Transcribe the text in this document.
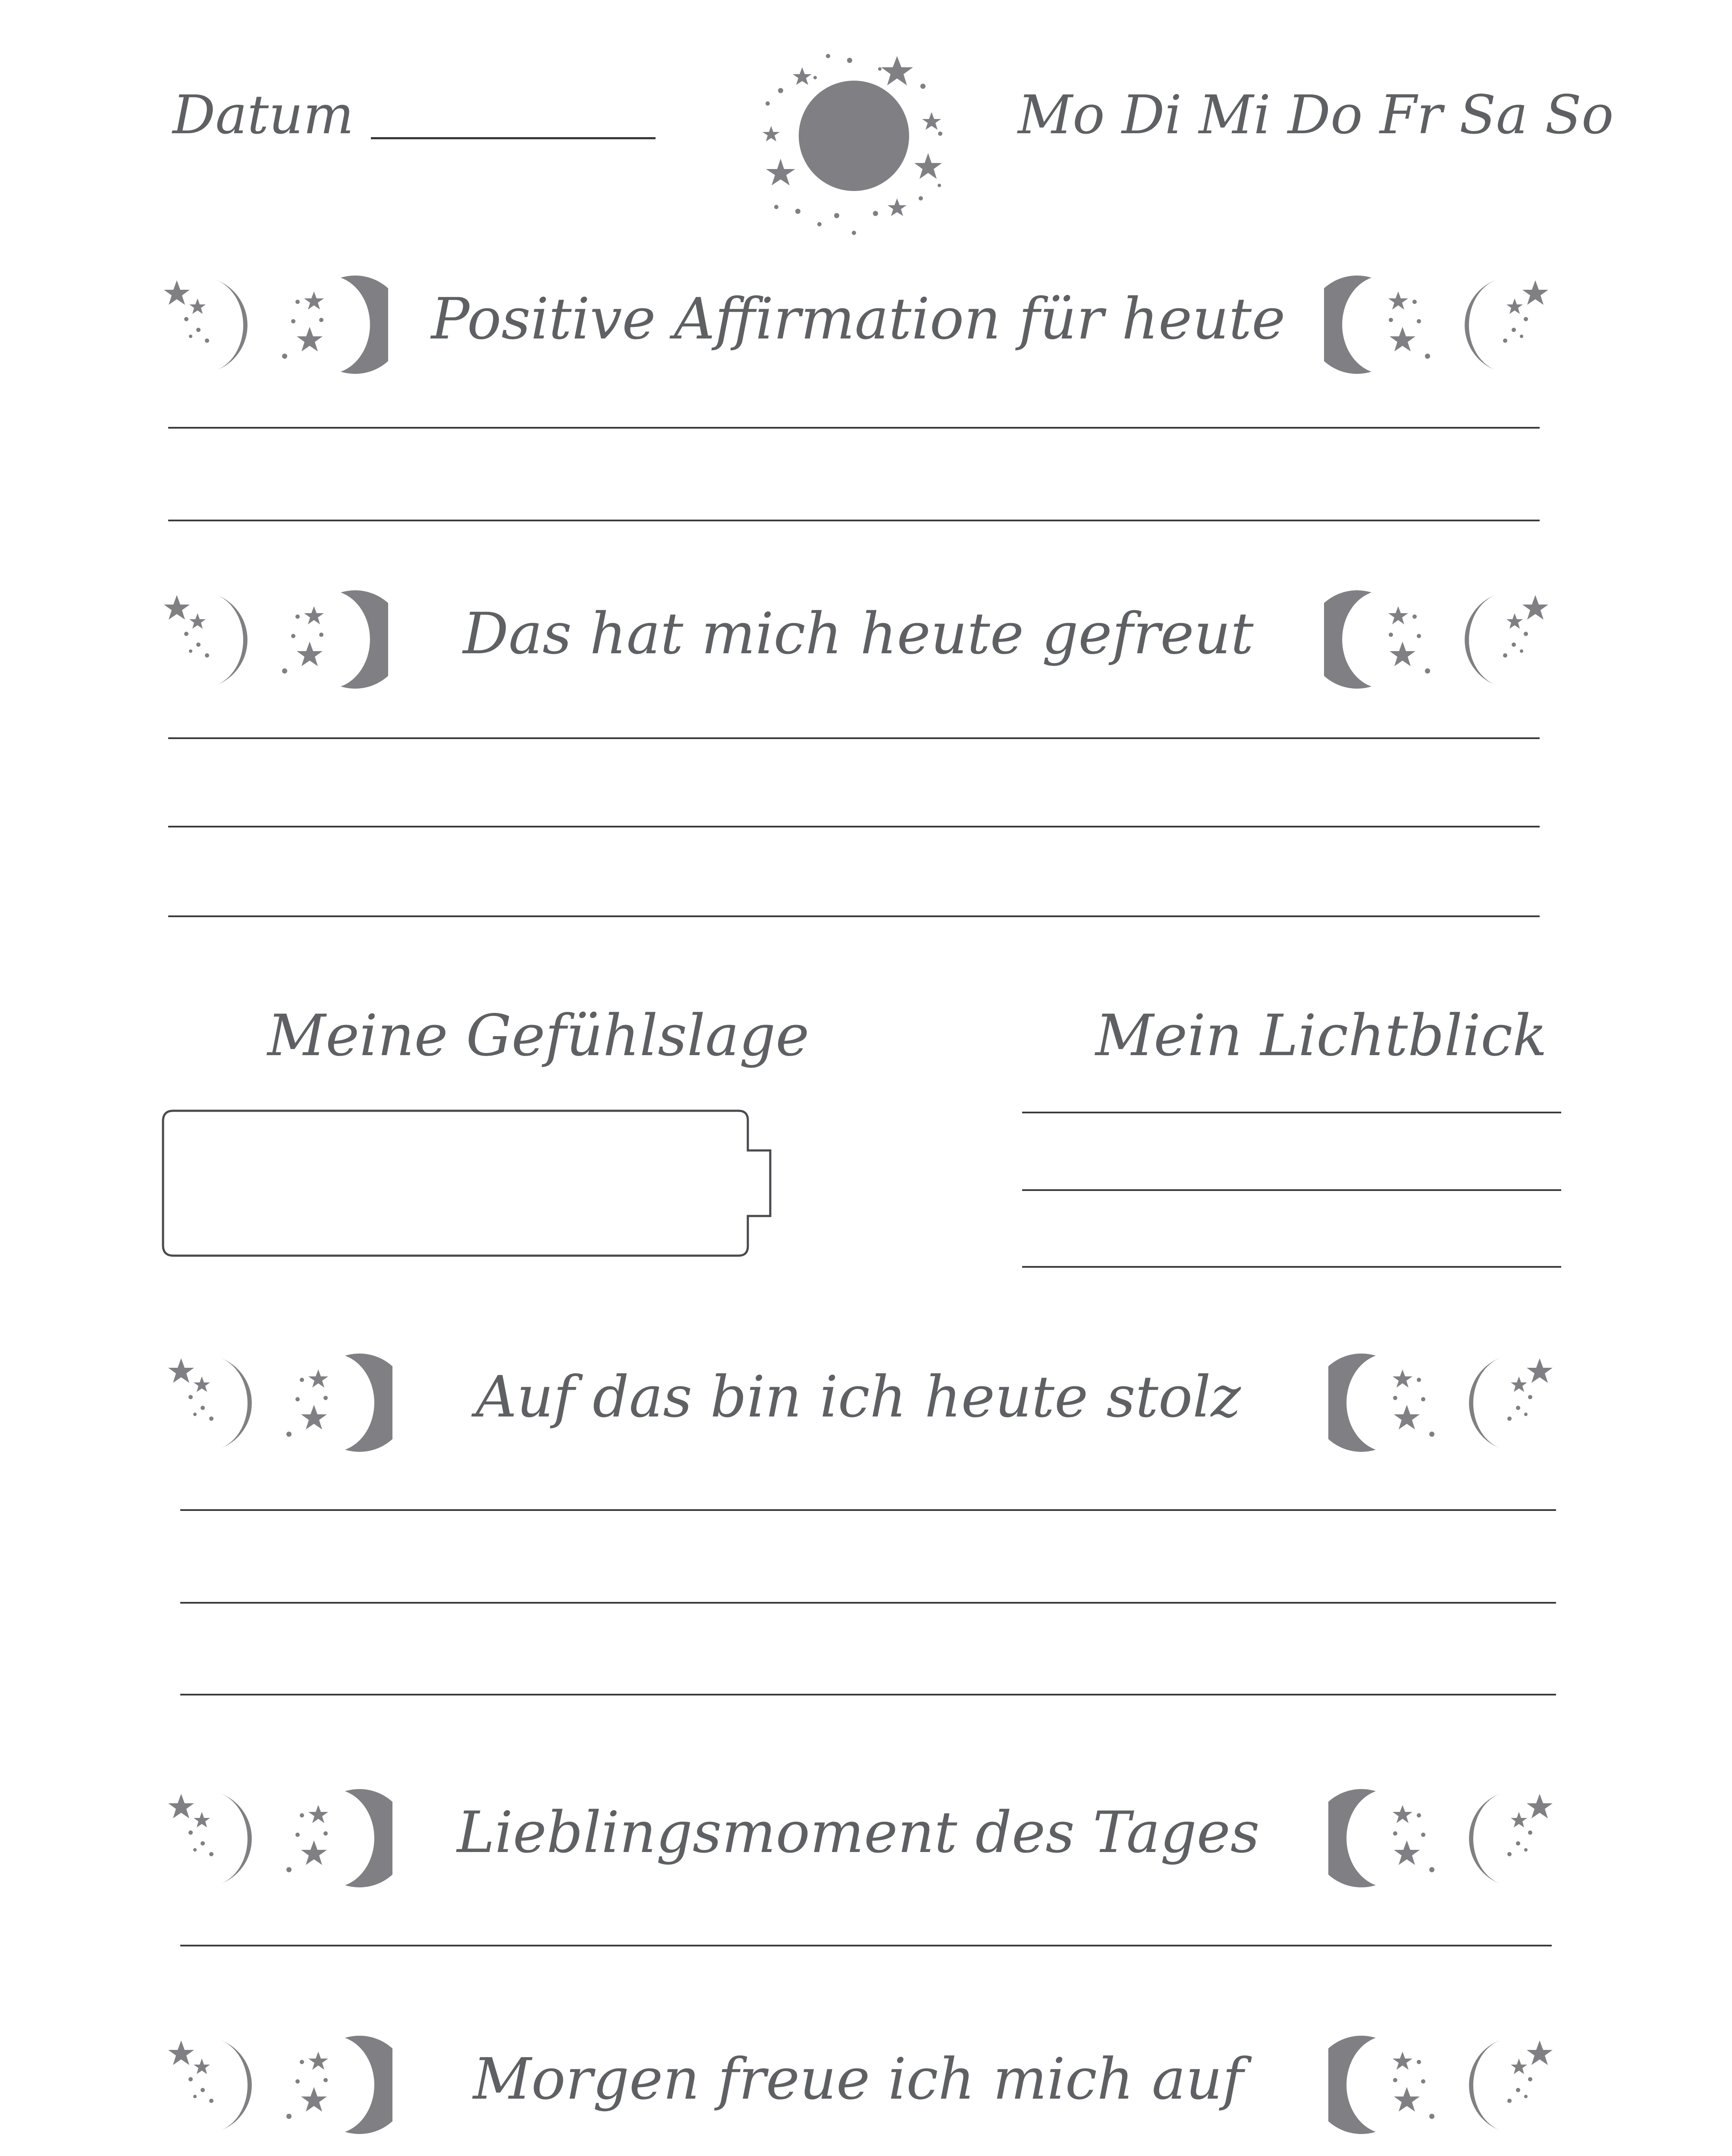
Datum	Mo Di Mi Do Fr Sa So
Positive Affirmation für heute
Das hat mich heute gefreut
Meine Gefühlslage	Mein Lichtblick
Auf das bin ich heute stolz
Lieblingsmoment des Tages
Morgen freue ich mich auf
